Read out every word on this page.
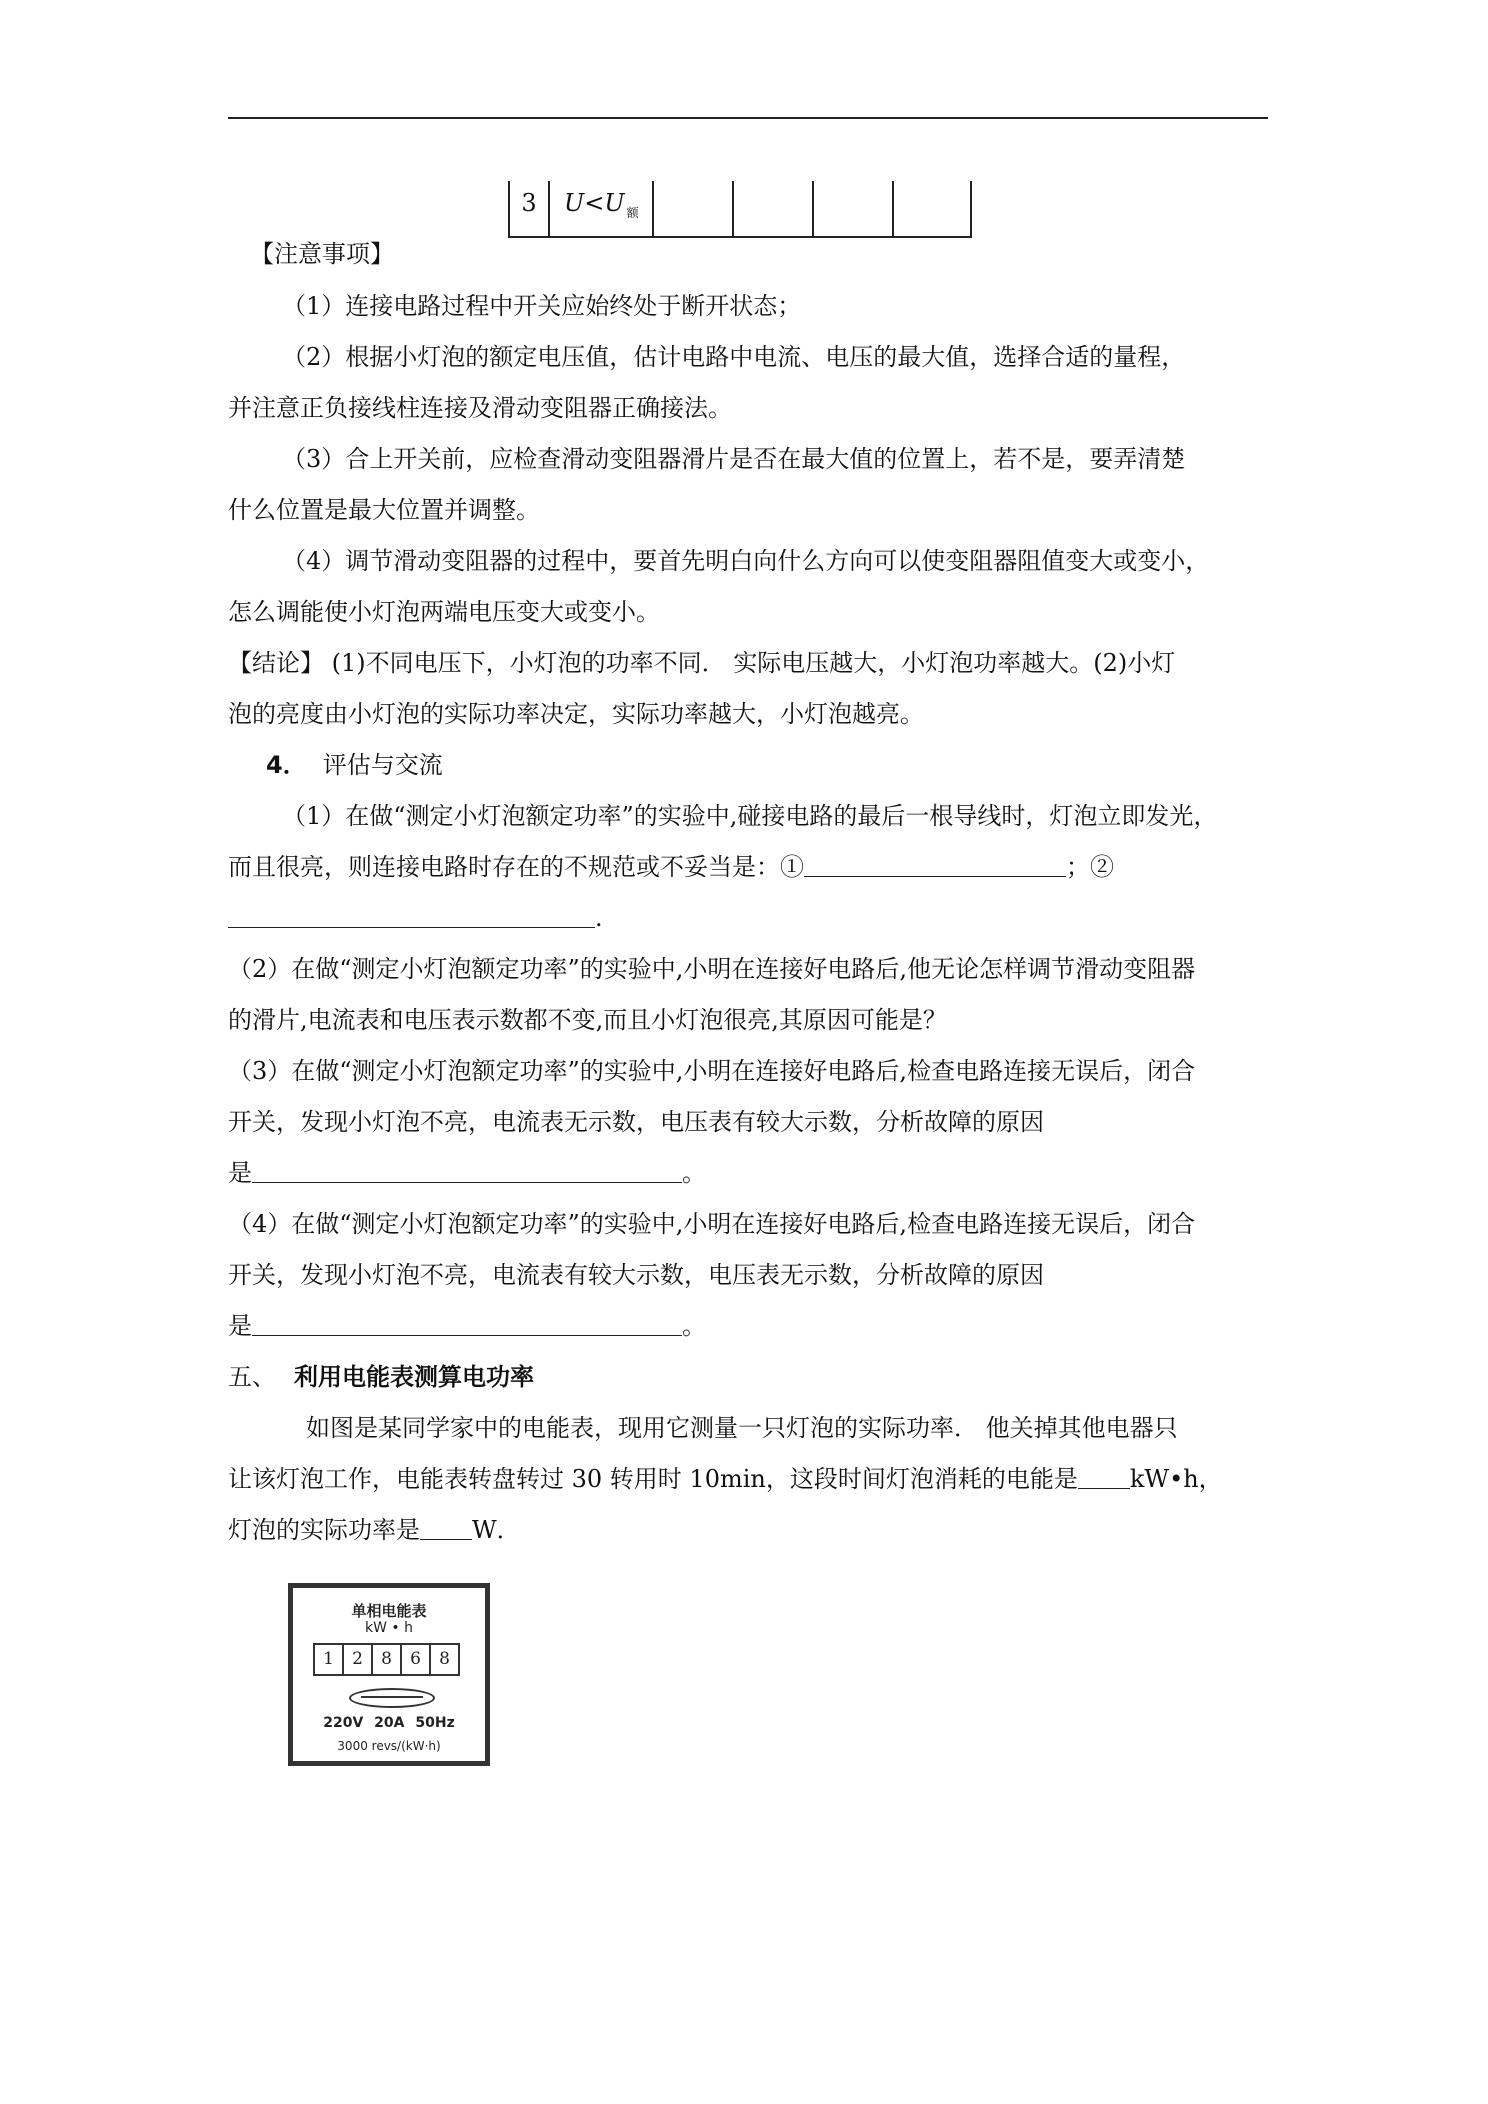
3	U<U $_额$
【注意事项】
（1）连接电路过程中开关应始终处于断开状态；
（2）根据小灯泡的额定电压值，估计电路中电流、电压的最大值，选择合适的量程，
并注意正负接线柱连接及滑动变阻器正确接法。
（3）合上开关前，应检查滑动变阻器滑片是否在最大值的位置上，若不是，要弄清楚
什么位置是最大位置并调整。
（4）调节滑动变阻器的过程中，要首先明白向什么方向可以使变阻器阻值变大或变小，
怎么调能使小灯泡两端电压变大或变小。
【结论】 (1)不同电压下，小灯泡的功率不同． 实际电压越大，小灯泡功率越大。(2)小灯
泡的亮度由小灯泡的实际功率决定，实际功率越大，小灯泡越亮。
4． 评估与交流
（1）在做“测定小灯泡额定功率”的实验中,碰接电路的最后一根导线时，灯泡立即发光，
而且很亮，则连接电路时存在的不规范或不妥当是：①	；②
.
（2）在做“测定小灯泡额定功率”的实验中,小明在连接好电路后,他无论怎样调节滑动变阻器
的滑片,电流表和电压表示数都不变,而且小灯泡很亮,其原因可能是？
（3）在做“测定小灯泡额定功率”的实验中,小明在连接好电路后,检查电路连接无误后，闭合
开关，发现小灯泡不亮，电流表无示数，电压表有较大示数，分析故障的原因
是	。
（4）在做“测定小灯泡额定功率”的实验中,小明在连接好电路后,检查电路连接无误后，闭合
开关，发现小灯泡不亮，电流表有较大示数，电压表无示数，分析故障的原因
是	。
五、 利用电能表测算电功率
如图是某同学家中的电能表，现用它测量一只灯泡的实际功率． 他关掉其他电器只
让该灯泡工作，电能表转盘转过 30 转用时 10min，这段时间灯泡消耗的电能是 kW•h，
灯泡的实际功率是 W．
单相电能表
kW • h
1	2	8	6	8
220V 20A 50Hz
3000 revs/(kW·h)
